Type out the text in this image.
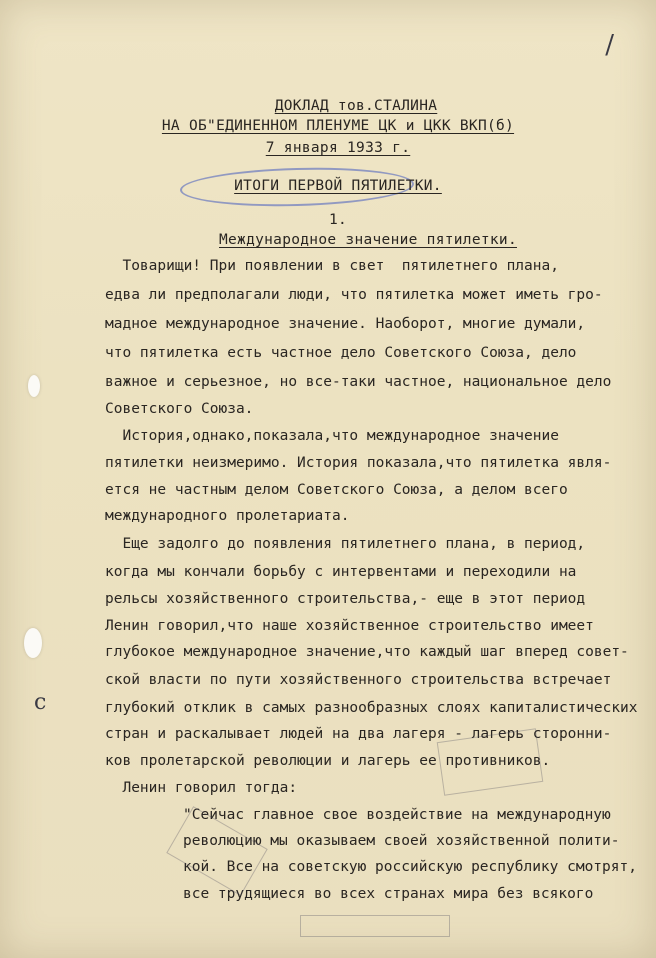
/
с
ДОКЛАД тов.СТАЛИНА
НА ОБ"ЕДИНЕННОМ ПЛЕНУМЕ ЦК и ЦКК ВКП(б)
7 января 1933 г.
ИТОГИ ПЕРВОЙ ПЯТИЛЕТКИ.
1.
Международное значение пятилетки.
Товарищи! При появлении в свет  пятилетнего плана,
едва ли предполагали люди, что пятилетка может иметь гро-
мадное международное значение. Наоборот, многие думали,
что пятилетка есть частное дело Советского Союза, дело
важное и серьезное, но все-таки частное, национальное дело
Советского Союза.
История,однако,показала,что международное значение
пятилетки неизмеримо. История показала,что пятилетка явля-
ется не частным делом Советского Союза, а делом всего
международного пролетариата.
Еще задолго до появления пятилетнего плана, в период,
когда мы кончали борьбу с интервентами и переходили на
рельсы хозяйственного строительства,- еще в этот период
Ленин говорил,что наше хозяйственное строительство имеет
глубокое международное значение,что каждый шаг вперед совет-
ской власти по пути хозяйственного строительства встречает
глубокий отклик в самых разнообразных слоях капиталистических
стран и раскалывает людей на два лагеря - лагерь сторонни-
ков пролетарской революции и лагерь ее противников.
Ленин говорил тогда:
"Сейчас главное свое воздействие на международную
революцию мы оказываем своей хозяйственной полити-
кой. Все на советскую российскую республику смотрят,
все трудящиеся во всех странах мира без всякого
